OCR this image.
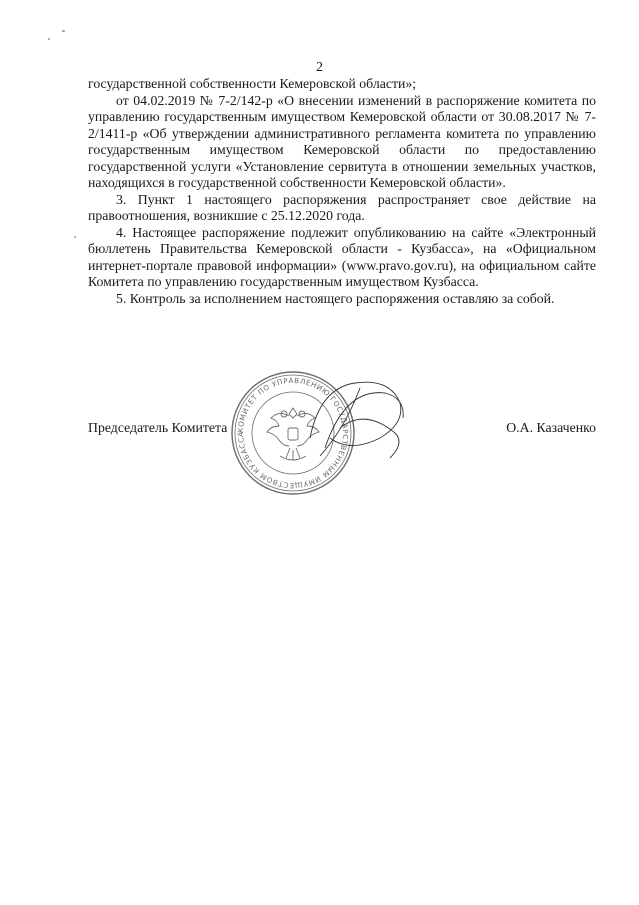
2

государственной собственности Кемеровской области»;

от 04.02.2019 № 7-2/142-р «О внесении изменений в распоряжение комитета по управлению государственным имуществом Кемеровской области от 30.08.2017 № 7-2/1411-р «Об утверждении административного регламента комитета по управлению государственным имуществом Кемеровской области по предоставлению государственной услуги «Установление сервитута в отношении земельных участков, находящихся в государственной собственности Кемеровской области».

3. Пункт 1 настоящего распоряжения распространяет свое действие на правоотношения, возникшие с 25.12.2020 года.

4. Настоящее распоряжение подлежит опубликованию на сайте «Электронный бюллетень Правительства Кемеровской области - Кузбасса», на «Официальном интернет-портале правовой информации» (www.pravo.gov.ru), на официальном сайте Комитета по управлению государственным имуществом Кузбасса.

5. Контроль за исполнением настоящего распоряжения оставляю за собой.

КОМИТЕТ ПО УПРАВЛЕНИЮ ГОСУДАРСТВЕННЫМ ИМУЩЕСТВОМ КУЗБАССА
Председатель Комитета	О.А. Казаченко
